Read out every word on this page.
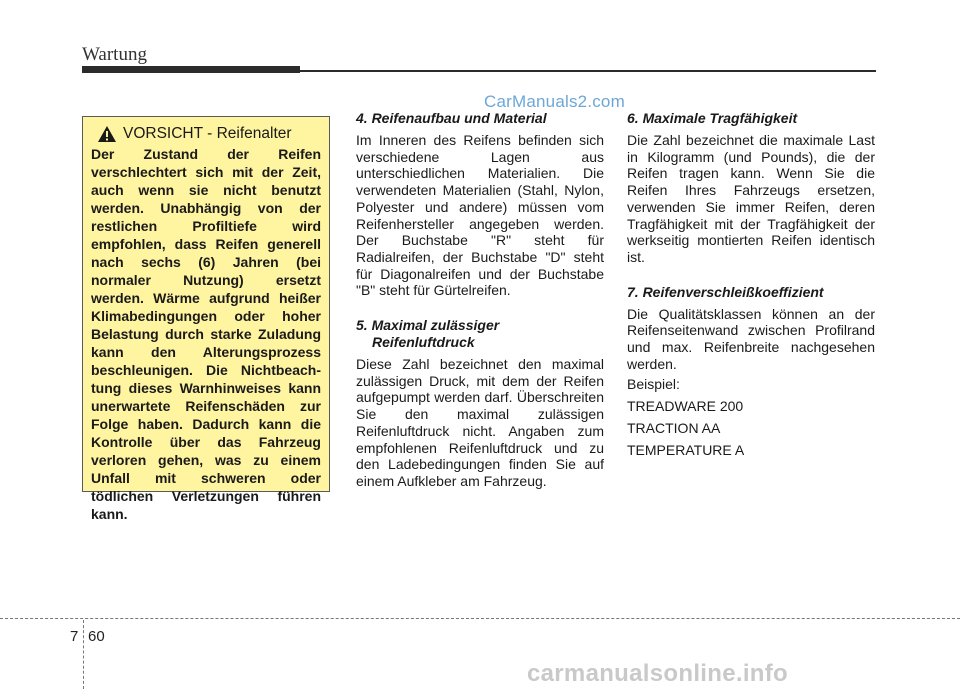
Wartung
CarManuals2.com
VORSICHT - Reifenalter
Der Zustand der Reifen verschlechtert sich mit der Zeit, auch wenn sie nicht benutzt werden. Unabhängig von der restlichen Profiltiefe wird empfohlen, dass Reifen generell nach sechs (6) Jahren (bei normaler Nutzung) ersetzt werden. Wärme aufgrund heißer Klimabedingungen oder hoher Belastung durch starke Zuladung kann den Alterungsprozess beschleunigen. Die Nichtbeach-tung dieses Warnhinweises kann unerwartete Reifenschäden zur Folge haben. Dadurch kann die Kontrolle über das Fahrzeug verloren gehen, was zu einem Unfall mit schweren oder tödlichen Verletzungen führen kann.
4. Reifenaufbau und Material

Im Inneren des Reifens befinden sich verschiedene Lagen aus unterschiedlichen Materialien. Die verwendeten Materialien (Stahl, Nylon, Polyester und andere) müssen vom Reifenhersteller angegeben werden. Der Buchstabe "R" steht für Radialreifen, der Buchstabe "D" steht für Diagonalreifen und der Buchstabe "B" steht für Gürtelreifen.

5. Maximal zulässiger
Reifenluftdruck

Diese Zahl bezeichnet den maximal zulässigen Druck, mit dem der Reifen aufgepumpt werden darf. Überschreiten Sie den maximal zulässigen Reifenluftdruck nicht. Angaben zum empfohlenen Reifenluftdruck und zu den Ladebedingungen finden Sie auf einem Aufkleber am Fahrzeug.

6. Maximale Tragfähigkeit

Die Zahl bezeichnet die maximale Last in Kilogramm (und Pounds), die der Reifen tragen kann. Wenn Sie die Reifen Ihres Fahrzeugs ersetzen, verwenden Sie immer Reifen, deren Tragfähigkeit mit der Tragfähigkeit der werkseitig montierten Reifen identisch ist.

7. Reifenverschleißkoeffizient

Die Qualitätsklassen können an der Reifenseitenwand zwischen Profilrand und max. Reifenbreite nachgesehen werden.

Beispiel:
TREADWARE 200
TRACTION AA
TEMPERATURE A
7 60
carmanualsonline.info
